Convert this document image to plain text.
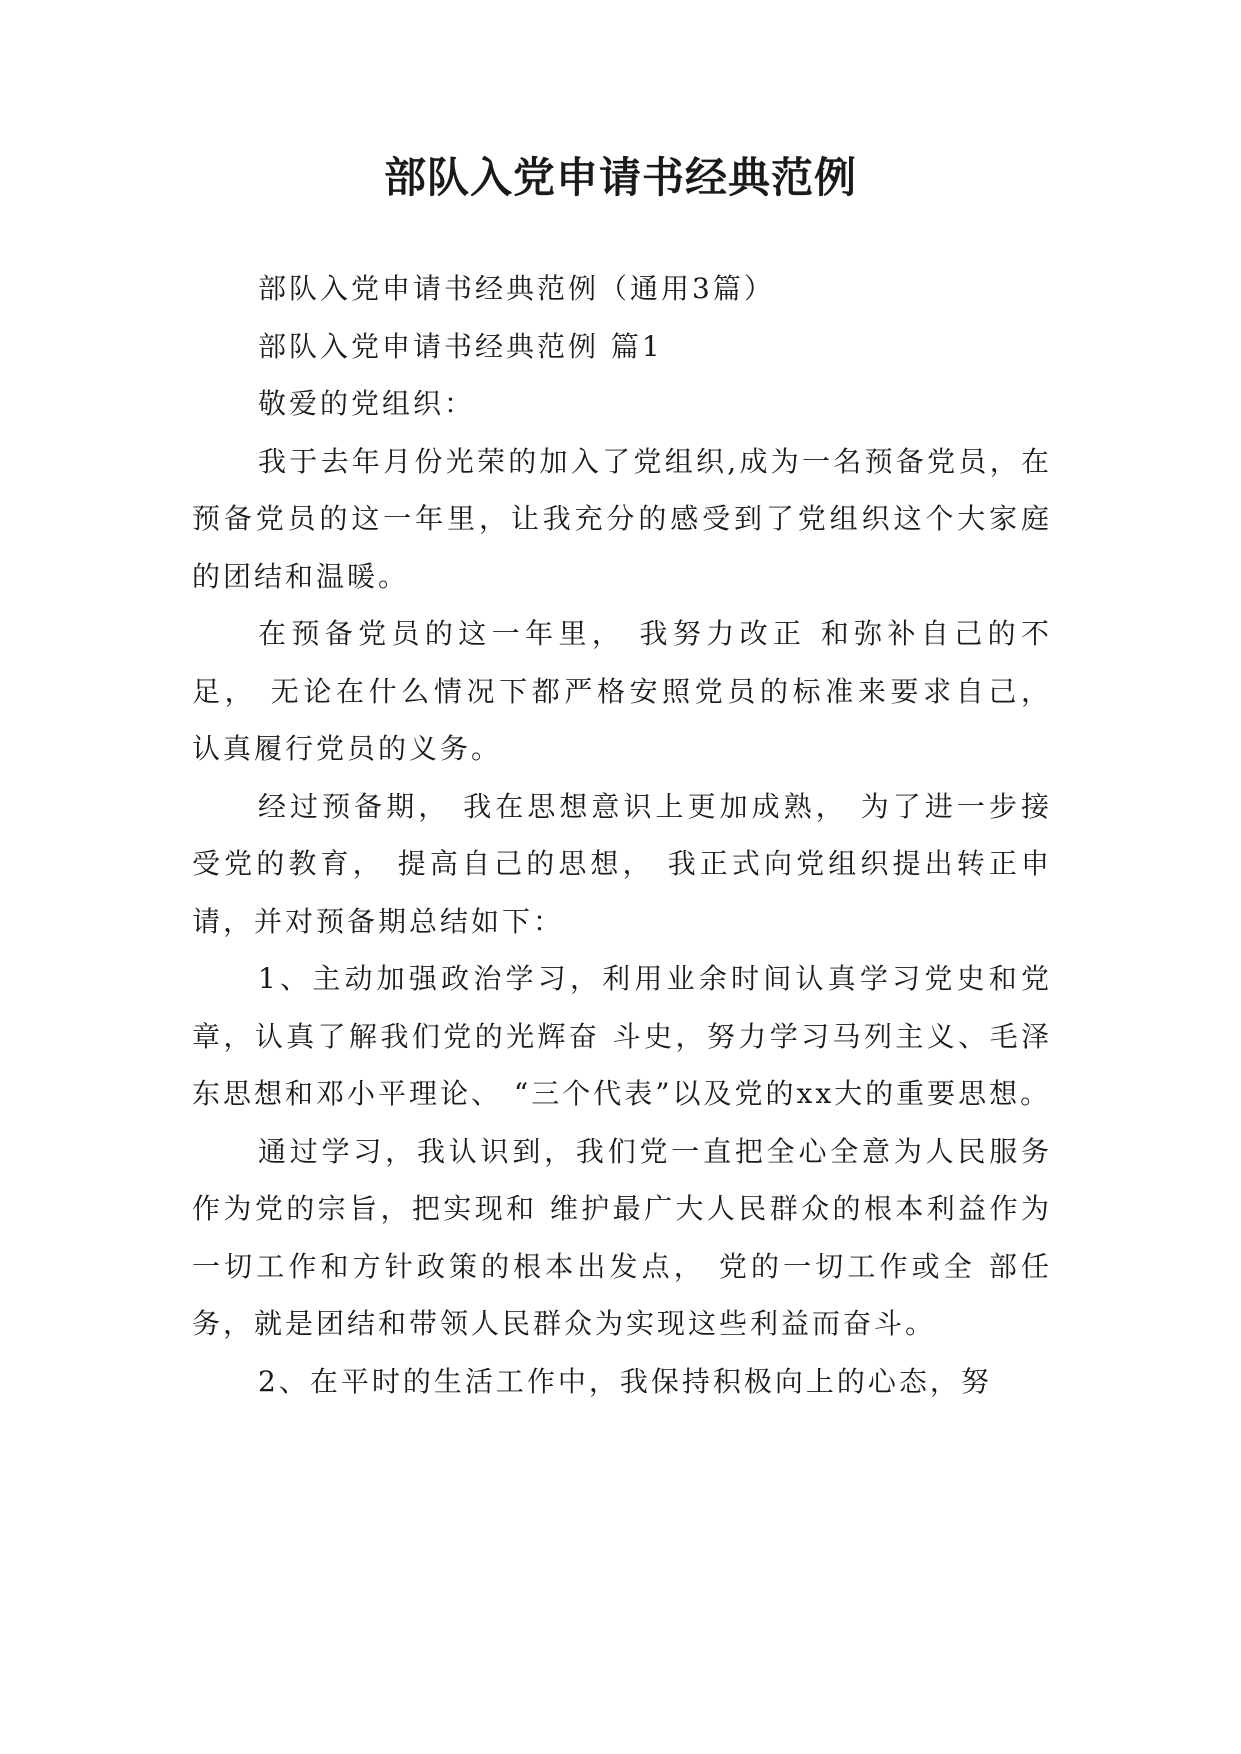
部队入党申请书经典范例

部队入党申请书经典范例（通用3篇）

部队入党申请书经典范例 篇1

敬爱的党组织：

我于去年月份光荣的加入了党组织,成为一名预备党员，在预备党员的这一年里，让我充分的感受到了党组织这个大家庭的团结和温暖。

在预备党员的这一年里， 我努力改正 和弥补自己的不足， 无论在什么情况下都严格安照党员的标准来要求自己， 认真履行党员的义务。

经过预备期， 我在思想意识上更加成熟， 为了进一步接受党的教育， 提高自己的思想， 我正式向党组织提出转正申请，并对预备期总结如下：

1、主动加强政治学习，利用业余时间认真学习党史和党章，认真了解我们党的光辉奋 斗史，努力学习马列主义、毛泽东思想和邓小平理论、 “三个代表”以及党的xx大的重要思想。

通过学习，我认识到，我们党一直把全心全意为人民服务作为党的宗旨，把实现和 维护最广大人民群众的根本利益作为一切工作和方针政策的根本出发点， 党的一切工作或全 部任务，就是团结和带领人民群众为实现这些利益而奋斗。

2、在平时的生活工作中，我保持积极向上的心态，努
